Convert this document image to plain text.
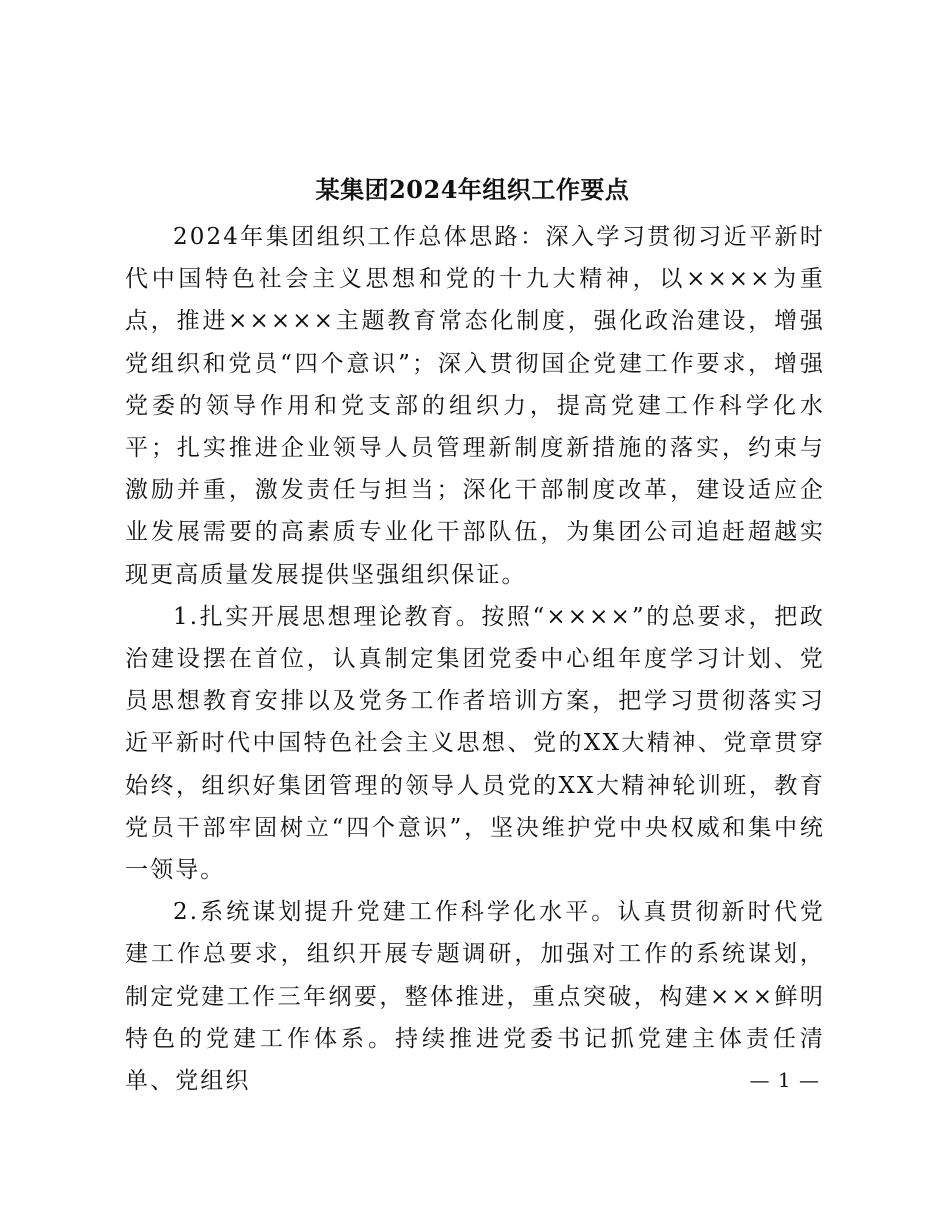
某集团2024年组织工作要点

2024年集团组织工作总体思路：深入学习贯彻习近平新时代中国特色社会主义思想和党的十九大精神，以××××为重点，推进×××××主题教育常态化制度，强化政治建设，增强党组织和党员“四个意识”；深入贯彻国企党建工作要求，增强党委的领导作用和党支部的组织力，提高党建工作科学化水平；扎实推进企业领导人员管理新制度新措施的落实，约束与激励并重，激发责任与担当；深化干部制度改革，建设适应企业发展需要的高素质专业化干部队伍，为集团公司追赶超越实现更高质量发展提供坚强组织保证。

1.扎实开展思想理论教育。按照“××××”的总要求，把政治建设摆在首位，认真制定集团党委中心组年度学习计划、党员思想教育安排以及党务工作者培训方案，把学习贯彻落实习近平新时代中国特色社会主义思想、党的XX大精神、党章贯穿始终，组织好集团管理的领导人员党的XX大精神轮训班，教育党员干部牢固树立“四个意识”，坚决维护党中央权威和集中统一领导。

2.系统谋划提升党建工作科学化水平。认真贯彻新时代党建工作总要求，组织开展专题调研，加强对工作的系统谋划，制定党建工作三年纲要，整体推进，重点突破，构建×××鲜明特色的党建工作体系。持续推进党委书记抓党建主体责任清单、党组织	— 1 —
